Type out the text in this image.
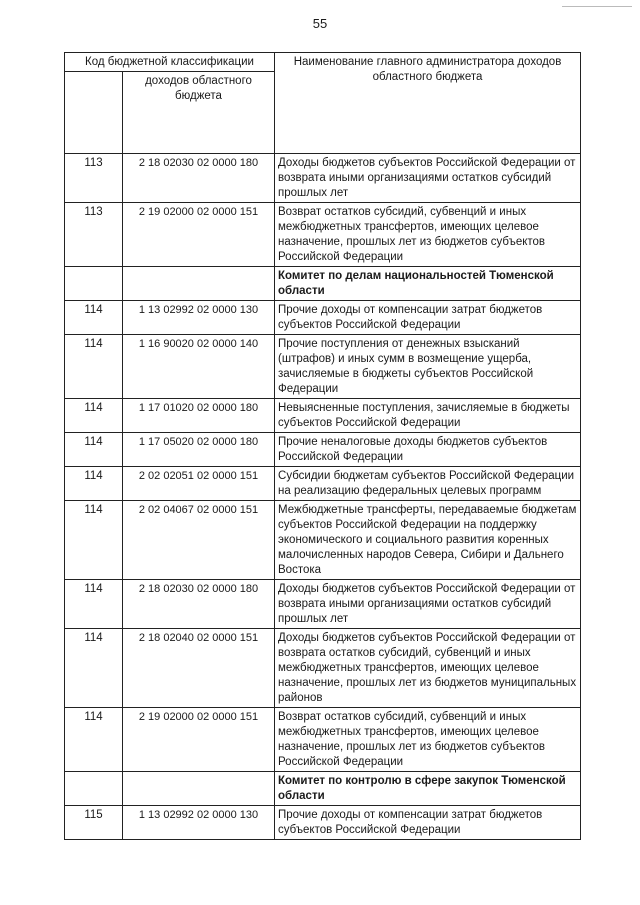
55
Код бюджетной классификации		Наименование главного администратора доходов областного бюджета
	доходов областного бюджета	
113	2 18 02030 02 0000 180	Доходы бюджетов субъектов Российской Федерации от возврата иными организациями остатков субсидий прошлых лет
113	2 19 02000 02 0000 151	Возврат остатков субсидий, субвенций и иных межбюджетных трансфертов, имеющих целевое назначение, прошлых лет из бюджетов субъектов Российской Федерации
		Комитет по делам национальностей Тюменской области
114	1 13 02992 02 0000 130	Прочие доходы от компенсации затрат бюджетов субъектов Российской Федерации
114	1 16 90020 02 0000 140	Прочие поступления от денежных взысканий (штрафов) и иных сумм в возмещение ущерба, зачисляемые в бюджеты субъектов Российской Федерации
114	1 17 01020 02 0000 180	Невыясненные поступления, зачисляемые в бюджеты субъектов Российской Федерации
114	1 17 05020 02 0000 180	Прочие неналоговые доходы бюджетов субъектов Российской Федерации
114	2 02 02051 02 0000 151	Субсидии бюджетам субъектов Российской Федерации на реализацию федеральных целевых программ
114	2 02 04067 02 0000 151	Межбюджетные трансферты, передаваемые бюджетам субъектов Российской Федерации на поддержку экономического и социального развития коренных малочисленных народов Севера, Сибири и Дальнего Востока
114	2 18 02030 02 0000 180	Доходы бюджетов субъектов Российской Федерации от возврата иными организациями остатков субсидий прошлых лет
114	2 18 02040 02 0000 151	Доходы бюджетов субъектов Российской Федерации от возврата остатков субсидий, субвенций и иных межбюджетных трансфертов, имеющих целевое назначение, прошлых лет из бюджетов муниципальных районов
114	2 19 02000 02 0000 151	Возврат остатков субсидий, субвенций и иных межбюджетных трансфертов, имеющих целевое назначение, прошлых лет из бюджетов субъектов Российской Федерации
		Комитет по контролю в сфере закупок Тюменской области
115	1 13 02992 02 0000 130	Прочие доходы от компенсации затрат бюджетов субъектов Российской Федерации
